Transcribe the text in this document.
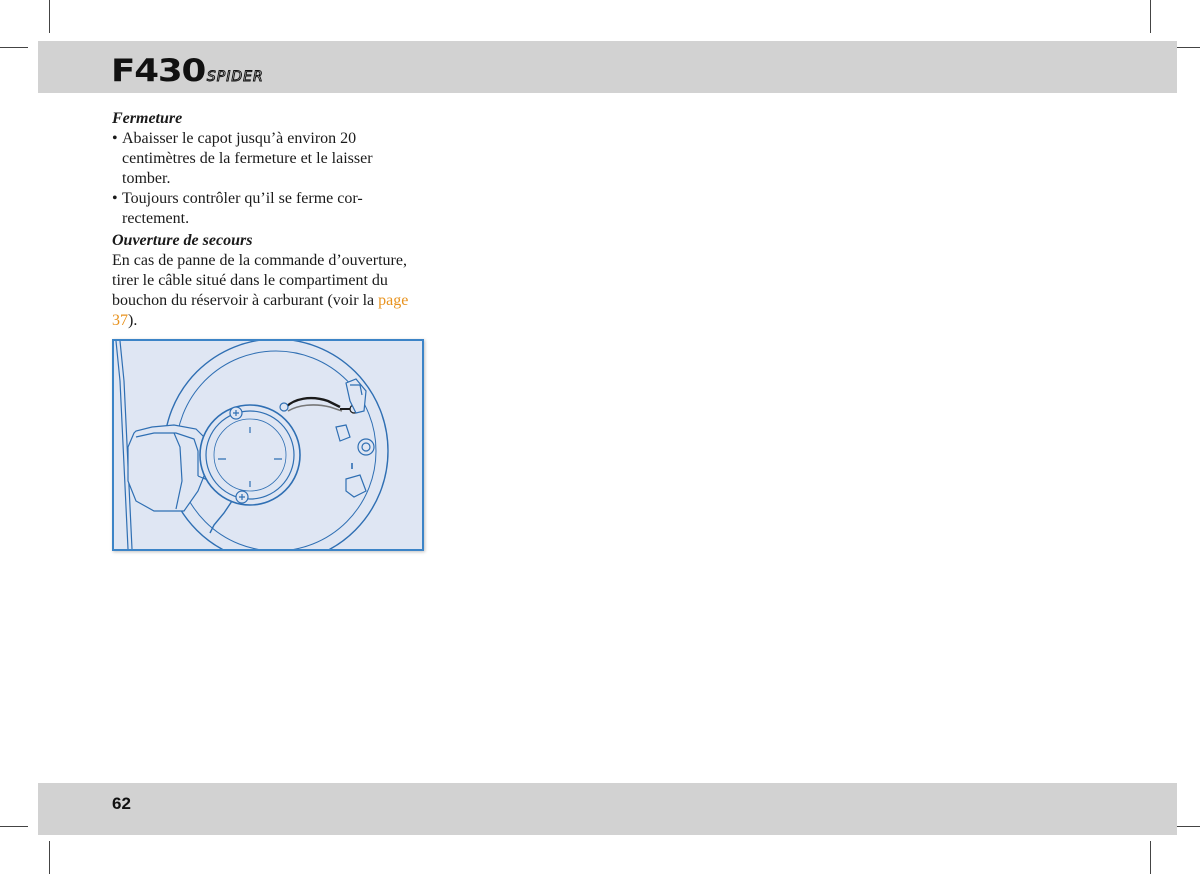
F430 SPIDER

Fermeture

• Abaisser le capot jusqu’à environ 20 centimètres de la fermeture et le laisser tomber.
• Toujours contrôler qu’il se ferme cor-rectement.

Ouverture de secours

En cas de panne de la commande d’ouverture, tirer le câble situé dans le compartiment du bouchon du réservoir à carburant (voir la page 37).

62
